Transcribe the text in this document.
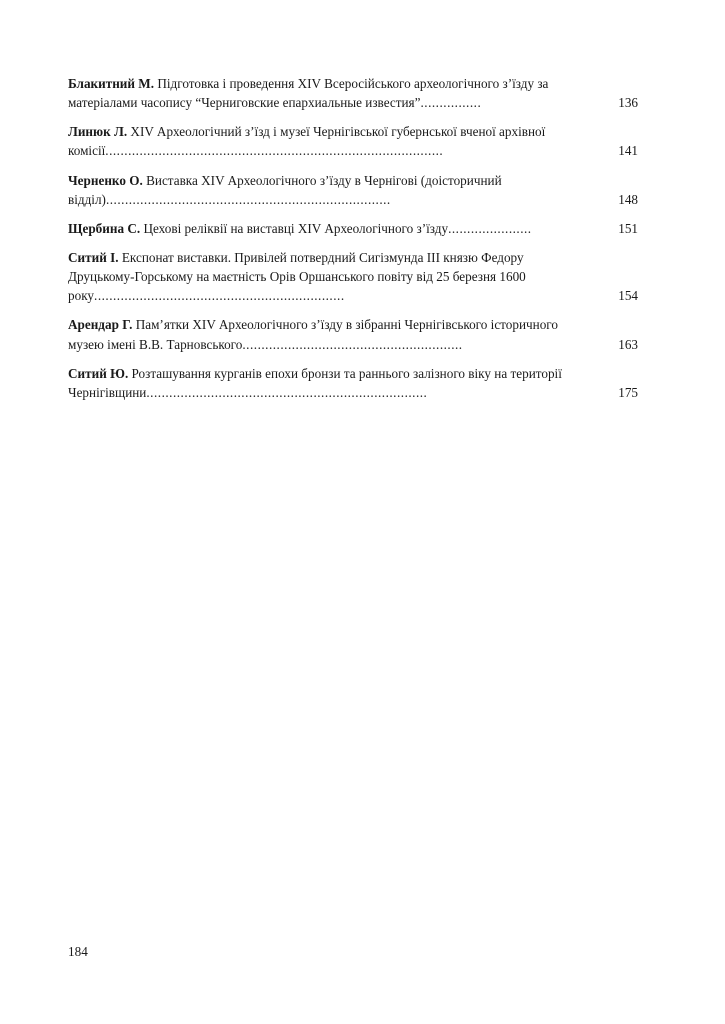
Блакитний М. Підготовка і проведення XIV Всеросійського археологічного з’їзду за матеріалами часопису “Черниговские епархиальные известия”................	136
Линюк Л. XIV Археологічний з’їзд і музеї Чернігівської губернської вченої архівної комісії.........................................................................................	141
Черненко О. Виставка XIV Археологічного з’їзду в Чернігові (доісторичний відділ)...........................................................................	148
Щербина С. Цехові реліквії на виставці XIV Археологічного з’їзду......................	151
Ситий І. Експонат виставки. Привілей потвердний Сигізмунда ІІІ князю Федору Друцькому-Горському на маєтність Орів Оршанського повіту від 25 березня 1600 року..................................................................	154
Арендар Г. Пам’ятки XIV Археологічного з’їзду в зібранні Чернігівського історичного музею імені В.В. Тарновського..........................................................	163
Ситий Ю. Розташування курганів епохи бронзи та раннього залізного віку на території Чернігівщини..........................................................................	175
184
